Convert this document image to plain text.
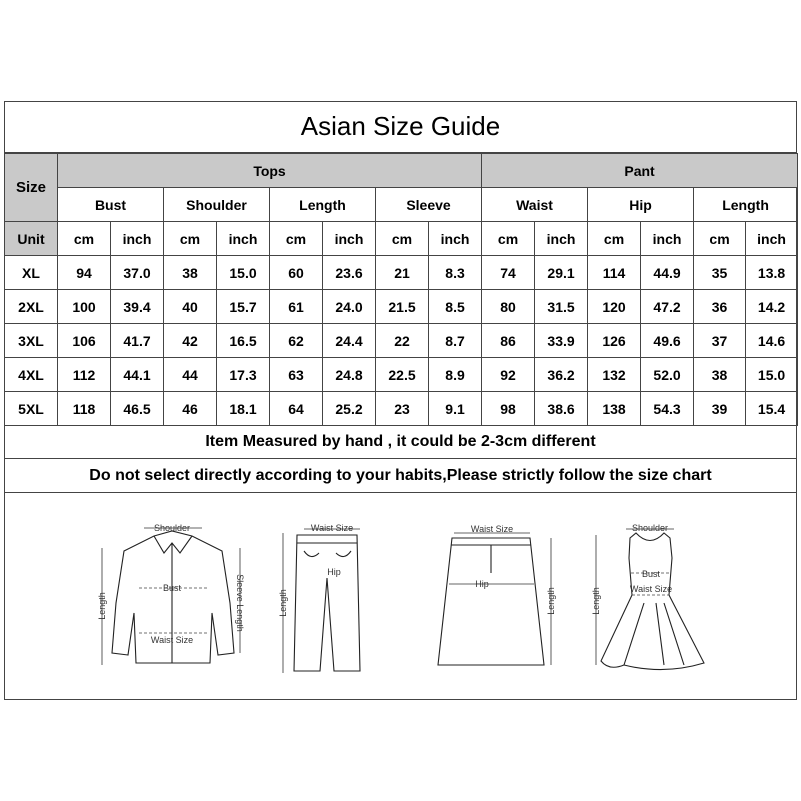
Asian Size Guide
Size	Tops								Pant					
	Bust		Shoulder		Length		Sleeve		Waist		Hip		Length	
Unit	cm	inch	cm	inch	cm	inch	cm	inch	cm	inch	cm	inch	cm	inch
XL	94	37.0	38	15.0	60	23.6	21	8.3	74	29.1	114	44.9	35	13.8
2XL	100	39.4	40	15.7	61	24.0	21.5	8.5	80	31.5	120	47.2	36	14.2
3XL	106	41.7	42	16.5	62	24.4	22	8.7	86	33.9	126	49.6	37	14.6
4XL	112	44.1	44	17.3	63	24.8	22.5	8.9	92	36.2	132	52.0	38	15.0
5XL	118	46.5	46	18.1	64	25.2	23	9.1	98	38.6	138	54.3	39	15.4
Item Measured by hand , it could be 2-3cm different
Do not select directly according to your habits,Please strictly follow the size chart
Shoulder
Bust
Waist Size
Length	Sleeve Length
Waist Size
Hip
Length
Waist Size
Hip
Length
Shoulder
Bust
Waist Size
Length
